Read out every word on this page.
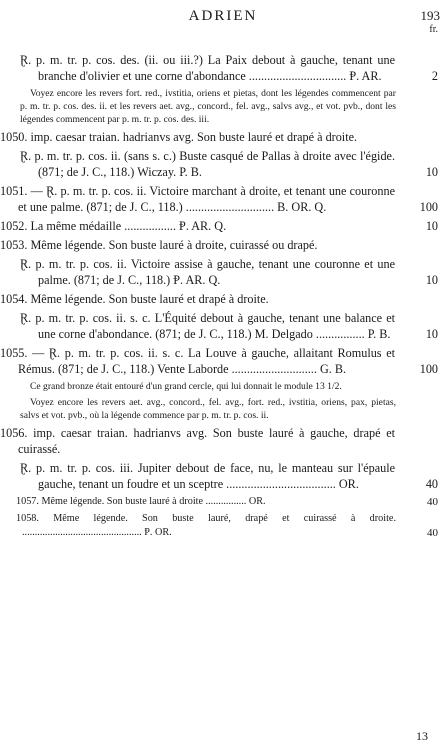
ADRIEN	193
fr.
Ɽ. p. m. tr. p. cos. des. (ii. ou iii.?) La Paix debout à gauche, tenant une branche d'olivier et une corne d'abondance ................................ Ᵽ. AR.	2
Voyez encore les revers fort. red., ivstitia, oriens et pietas, dont les légendes commencent par p. m. tr. p. cos. des. ii. et les revers aet. avg., concord., fel. avg., salvs avg., et vot. pvb., dont les légendes commencent par p. m. tr. p. cos. des. iii.
1050. imp. caesar traian. hadrianvs avg. Son buste lauré et drapé à droite.
Ɽ. p. m. tr. p. cos. ii. (sans s. c.) Buste casqué de Pallas à droite avec l'égide. (871; de J. C., 118.) Wiczay. P. B.	10
1051. — Ɽ. p. m. tr. p. cos. ii. Victoire marchant à droite, et tenant une couronne et une palme. (871; de J. C., 118.) ............................. B. OR. Q.	100
1052. La même médaille ................. Ᵽ. AR. Q.	10
1053. Même légende. Son buste lauré à droite, cuirassé ou drapé.
Ɽ. p. m. tr. p. cos. ii. Victoire assise à gauche, tenant une couronne et une palme. (871; de J. C., 118.) Ᵽ. AR. Q.	10
1054. Même légende. Son buste lauré et drapé à droite.
Ɽ. p. m. tr. p. cos. ii. s. c. L'Équité debout à gauche, tenant une balance et une corne d'abondance. (871; de J. C., 118.) M. Delgado ................ P. B.	10
1055. — Ɽ. p. m. tr. p. cos. ii. s. c. La Louve à gauche, allaitant Romulus et Rémus. (871; de J. C., 118.) Vente Laborde ............................ G. B.	100
Ce grand bronze était entouré d'un grand cercle, qui lui donnait le module 13 1/2.
Voyez encore les revers aet. avg., concord., fel. avg., fort. red., ivstitia, oriens, pax, pietas, salvs et vot. pvb., où la légende commence par p. m. tr. p. cos. ii.
1056. imp. caesar traian. hadrianvs avg. Son buste lauré à gauche, drapé et cuirassé.
Ɽ. p. m. tr. p. cos. iii. Jupiter debout de face, nu, le manteau sur l'épaule gauche, tenant un foudre et un sceptre .................................... OR.	40
1057. Même légende. Son buste lauré à droite ................ OR.	40
1058. Même légende. Son buste lauré, drapé et cuirassé à droite. ............................................... Ᵽ. OR.	40
13
